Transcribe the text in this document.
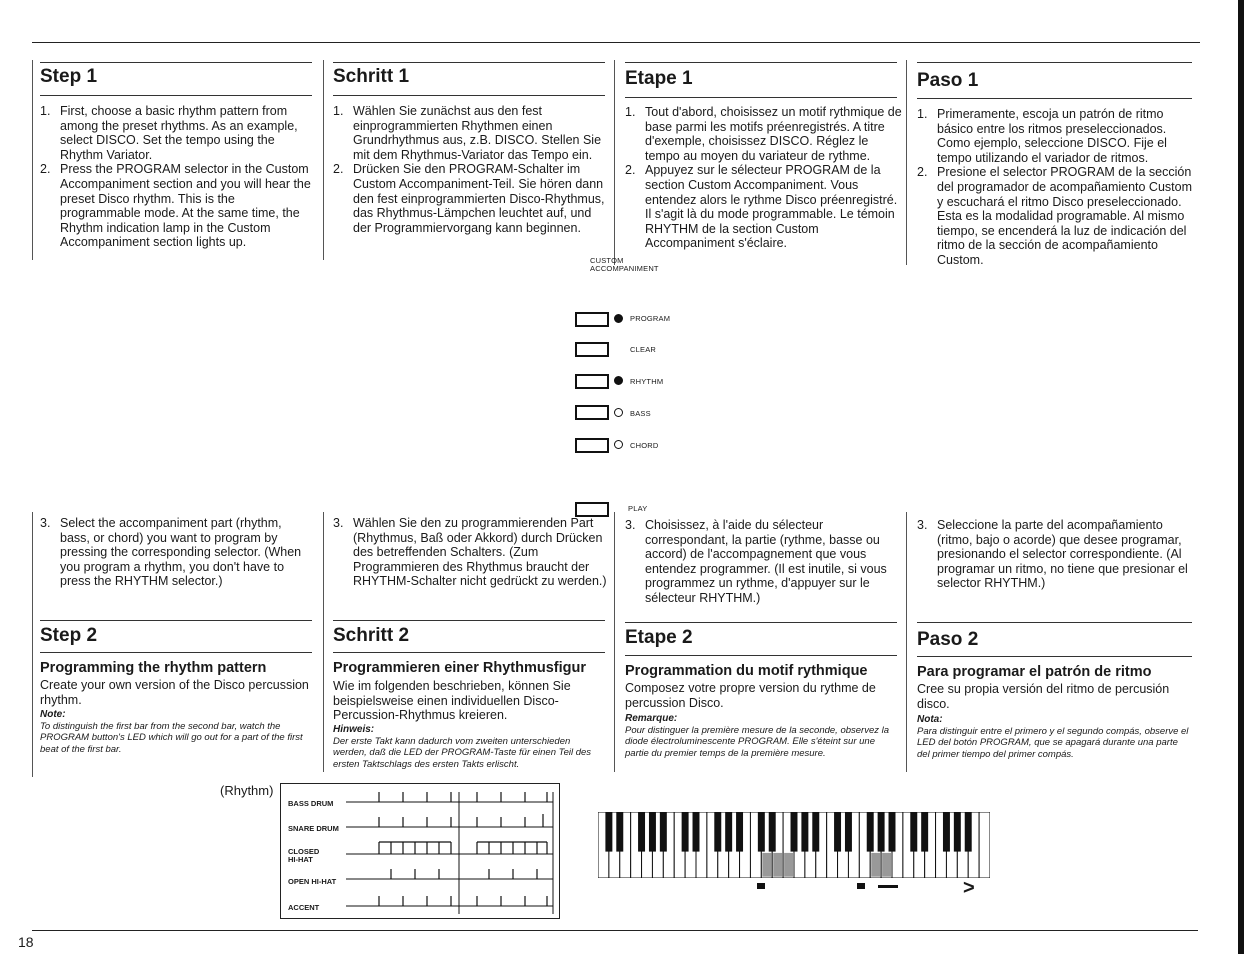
Step 1	Schritt 1	Etape 1	Paso 1
1. First, choose a basic rhythm pattern from among the preset rhythms. As an example, select DISCO. Set the tempo using the Rhythm Variator.
2. Press the PROGRAM selector in the Custom Accompaniment section and you will hear the preset Disco rhythm. This is the programmable mode. At the same time, the Rhythm indication lamp in the Custom Accompaniment section lights up.
1. Wählen Sie zunächst aus den fest einprogrammierten Rhythmen einen Grundrhythmus aus, z.B. DISCO. Stellen Sie mit dem Rhythmus-Variator das Tempo ein.
2. Drücken Sie den PROGRAM-Schalter im Custom Accompaniment-Teil. Sie hören dann den fest einprogrammierten Disco-Rhythmus, das Rhythmus-Lämpchen leuchtet auf, und der Programmiervorgang kann beginnen.
1. Tout d'abord, choisissez un motif rythmique de base parmi les motifs préenregistrés. A titre d'exemple, choisissez DISCO. Réglez le tempo au moyen du variateur de rythme.
2. Appuyez sur le sélecteur PROGRAM de la section Custom Accompaniment. Vous entendez alors le rythme Disco préenregistré. Il s'agit là du mode programmable. Le témoin RHYTHM de la section Custom Accompaniment s'éclaire.
1. Primeramente, escoja un patrón de ritmo básico entre los ritmos preseleccionados. Como ejemplo, seleccione DISCO. Fije el tempo utilizando el variador de ritmos.
2. Presione el selector PROGRAM de la sección del programador de acompañamiento Custom y escuchará el ritmo Disco preseleccionado. Esta es la modalidad programable. Al mismo tiempo, se encenderá la luz de indicación del ritmo de la sección de acompañamiento Custom.
CUSTOM
ACCOMPANIMENT
PROGRAM
CLEAR
RHYTHM
BASS
CHORD
PLAY
3. Select the accompaniment part (rhythm, bass, or chord) you want to program by pressing the corresponding selector. (When you program a rhythm, you don't have to press the RHYTHM selector.)
3. Wählen Sie den zu programmierenden Part (Rhythmus, Baß oder Akkord) durch Drücken des betreffenden Schalters. (Zum Programmieren des Rhythmus braucht der RHYTHM-Schalter nicht gedrückt zu werden.)
3. Choisissez, à l'aide du sélecteur correspondant, la partie (rythme, basse ou accord) de l'accompagnement que vous entendez programmer. (Il est inutile, si vous programmez un rythme, d'appuyer sur le sélecteur RHYTHM.)
3. Seleccione la parte del acompañamiento (ritmo, bajo o acorde) que desee programar, presionando el selector correspondiente. (Al programar un ritmo, no tiene que presionar el selector RHYTHM.)
Step 2
Programming the rhythm pattern
Create your own version of the Disco percussion rhythm.
Note:
To distinguish the first bar from the second bar, watch the PROGRAM button's LED which will go out for a part of the first beat of the first bar.
Schritt 2
Programmieren einer Rhythmusfigur
Wie im folgenden beschrieben, können Sie beispielsweise einen individuellen Disco-Percussion-Rhythmus kreieren.
Hinweis:
Der erste Takt kann dadurch vom zweiten unterschieden werden, daß die LED der PROGRAM-Taste für einen Teil des ersten Taktschlags des ersten Takts erlischt.
Etape 2
Programmation du motif rythmique
Composez votre propre version du rythme de percussion Disco.
Remarque:
Pour distinguer la première mesure de la seconde, observez la diode électroluminescente PROGRAM. Elle s'éteint sur une partie du premier temps de la première mesure.
Paso 2
Para programar el patrón de ritmo
Cree su propia versión del ritmo de percusión disco.
Nota:
Para distinguir entre el primero y el segundo compás, observe el LED del botón PROGRAM, que se apagará durante una parte del primer tiempo del primer compás.
(Rhythm)
BASS DRUM
SNARE DRUM
CLOSED
HI-HAT
OPEN HI-HAT
ACCENT
>
18
